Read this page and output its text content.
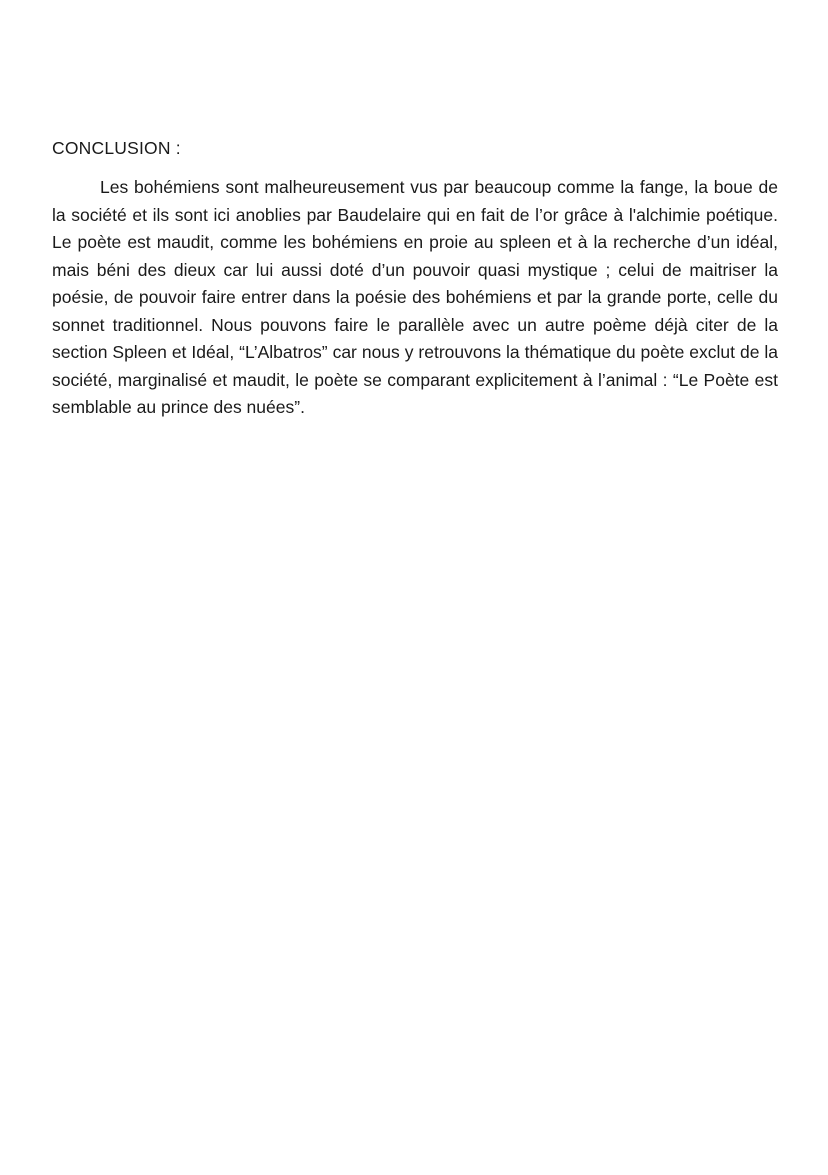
CONCLUSION :

Les bohémiens sont malheureusement vus par beaucoup comme la fange, la boue de la société et ils sont ici anoblies par Baudelaire qui en fait de l’or grâce à l'alchimie poétique. Le poète est maudit, comme les bohémiens en proie au spleen et à la recherche d’un idéal, mais béni des dieux car lui aussi doté d’un pouvoir quasi mystique ; celui de maitriser la poésie, de pouvoir faire entrer dans la poésie des bohémiens et par la grande porte, celle du sonnet traditionnel. Nous pouvons faire le parallèle avec un autre poème déjà citer de la section Spleen et Idéal, “L’Albatros” car nous y retrouvons la thématique du poète exclut de la société, marginalisé et maudit, le poète se comparant explicitement à l’animal : “Le Poète est semblable au prince des nuées”.
